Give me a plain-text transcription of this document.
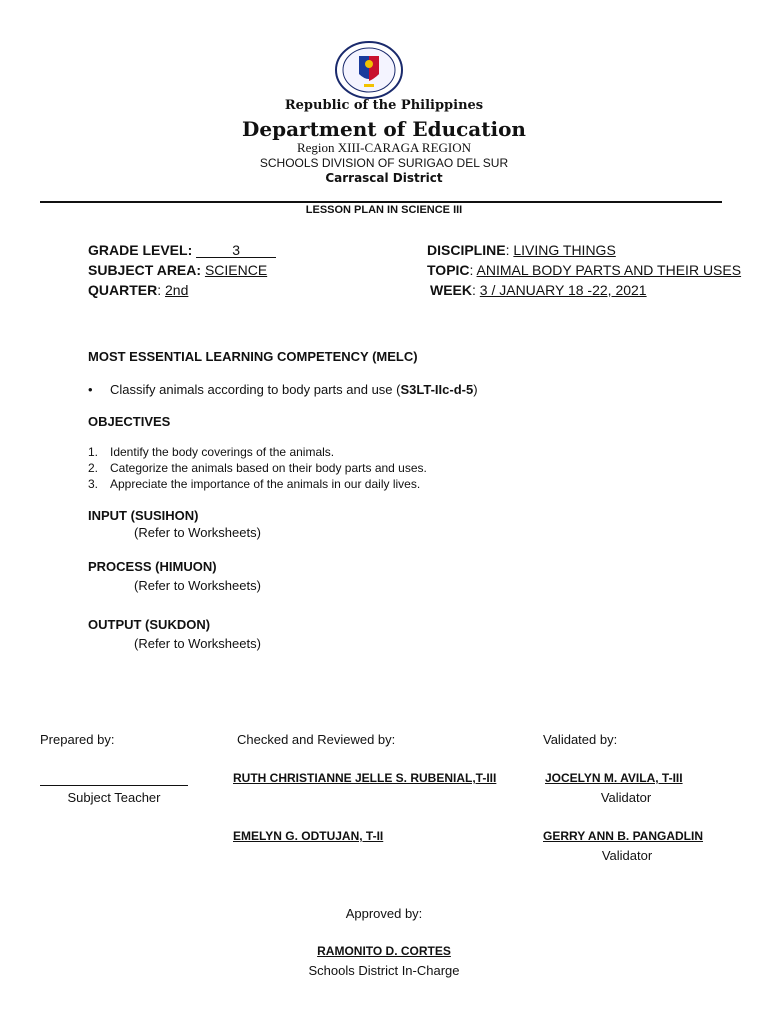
Republic of the Philippines
Department of Education
Region XIII-CARAGA REGION
SCHOOLS DIVISION OF SURIGAO DEL SUR
Carrascal District
LESSON PLAN IN SCIENCE III
GRADE LEVEL:	3
SUBJECT AREA: SCIENCE
QUARTER: 2nd
DISCIPLINE: LIVING THINGS
TOPIC: ANIMAL BODY PARTS AND THEIR USES
WEEK: 3 / JANUARY 18 -22, 2021
MOST ESSENTIAL LEARNING COMPETENCY (MELC)
• Classify animals according to body parts and use (S3LT-IIc-d-5)
OBJECTIVES
1. Identify the body coverings of the animals.
2. Categorize the animals based on their body parts and uses.
3. Appreciate the importance of the animals in our daily lives.
INPUT (SUSIHON)
(Refer to Worksheets)
PROCESS (HIMUON)
(Refer to Worksheets)
OUTPUT (SUKDON)
(Refer to Worksheets)
Prepared by:	Checked and Reviewed by:	Validated by:
Subject Teacher
RUTH CHRISTIANNE JELLE S. RUBENIAL,T-III
EMELYN G. ODTUJAN, T-II
JOCELYN M. AVILA, T-III
Validator
GERRY ANN B. PANGADLIN
Validator
Approved by:
RAMONITO D. CORTES
Schools District In-Charge
